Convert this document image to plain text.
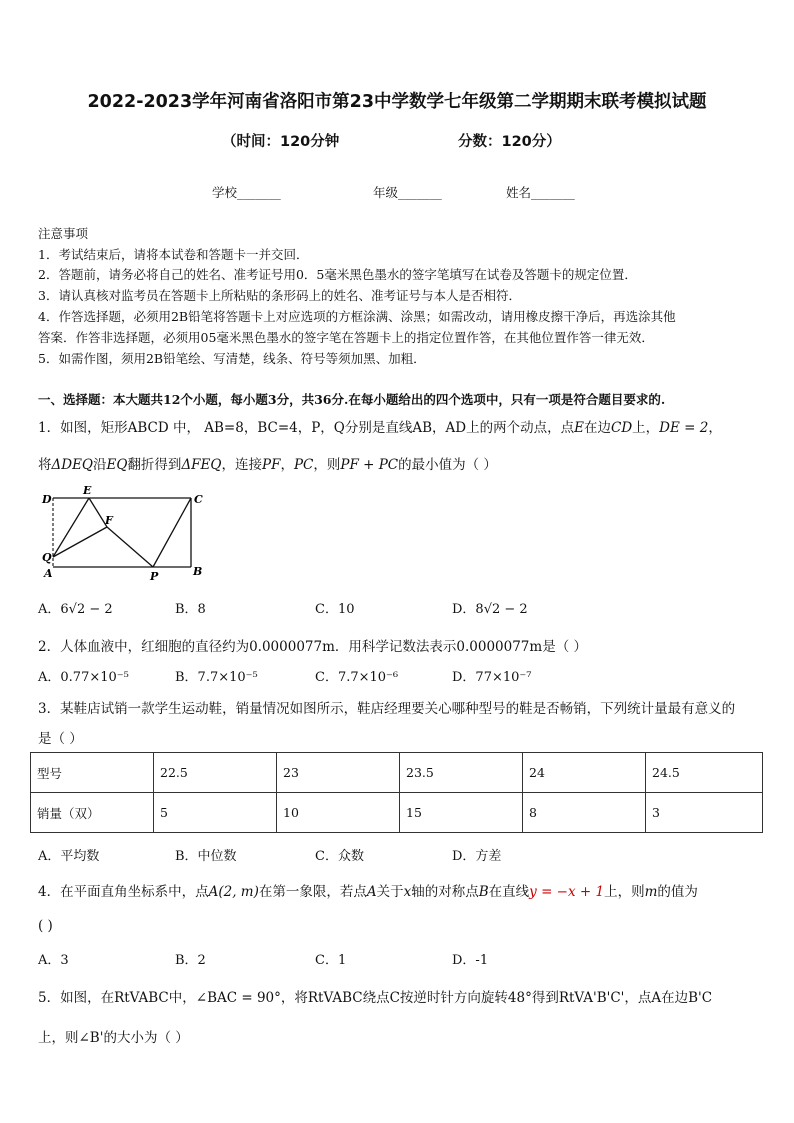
2022-2023学年河南省洛阳市第23中学数学七年级第二学期期末联考模拟试题
（时间：120分钟	分数：120分）
学校_______	年级_______	姓名_______
注意事项
1．考试结束后，请将本试卷和答题卡一并交回．
2．答题前，请务必将自己的姓名、准考证号用0．5毫米黑色墨水的签字笔填写在试卷及答题卡的规定位置．
3．请认真核对监考员在答题卡上所粘贴的条形码上的姓名、准考证号与本人是否相符．
4．作答选择题，必须用2B铅笔将答题卡上对应选项的方框涂满、涂黑；如需改动，请用橡皮擦干净后，再选涂其他
答案．作答非选择题，必须用05毫米黑色墨水的签字笔在答题卡上的指定位置作答，在其他位置作答一律无效．
5．如需作图，须用2B铅笔绘、写清楚，线条、符号等须加黑、加粗．
一、选择题：本大题共12个小题，每小题3分，共36分.在每小题给出的四个选项中，只有一项是符合题目要求的.
1．如图，矩形ABCD 中， AB=8，BC=4，P，Q分别是直线AB，AD上的两个动点，点E在边CD上，DE = 2，
将ΔDEQ沿EQ翻折得到ΔFEQ，连接PF，PC，则PF + PC的最小值为（ ）
D
E
C
F
Q
A	P	B
A．6√2 − 2	B．8	C．10	D．8√2 − 2
2．人体血液中，红细胞的直径约为0.0000077m．用科学记数法表示0.0000077m是（ ）
A．0.77×10⁻⁵	B．7.7×10⁻⁵	C．7.7×10⁻⁶	D．77×10⁻⁷
3．某鞋店试销一款学生运动鞋，销量情况如图所示，鞋店经理要关心哪种型号的鞋是否畅销，下列统计量最有意义的
是（ ）
型号	22.5	23	23.5	24	24.5
销量（双）	5	10	15	8	3
A．平均数	B．中位数	C．众数	D．方差
4．在平面直角坐标系中，点A(2, m)在第一象限，若点A关于x轴的对称点B在直线y = −x + 1上，则m的值为
( )
A．3	B．2	C．1	D．-1
5．如图，在RtVABC中，∠BAC = 90°，将RtVABC绕点C按逆时针方向旋转48°得到RtVA'B'C'，点A在边B'C
上，则∠B'的大小为（ ）
